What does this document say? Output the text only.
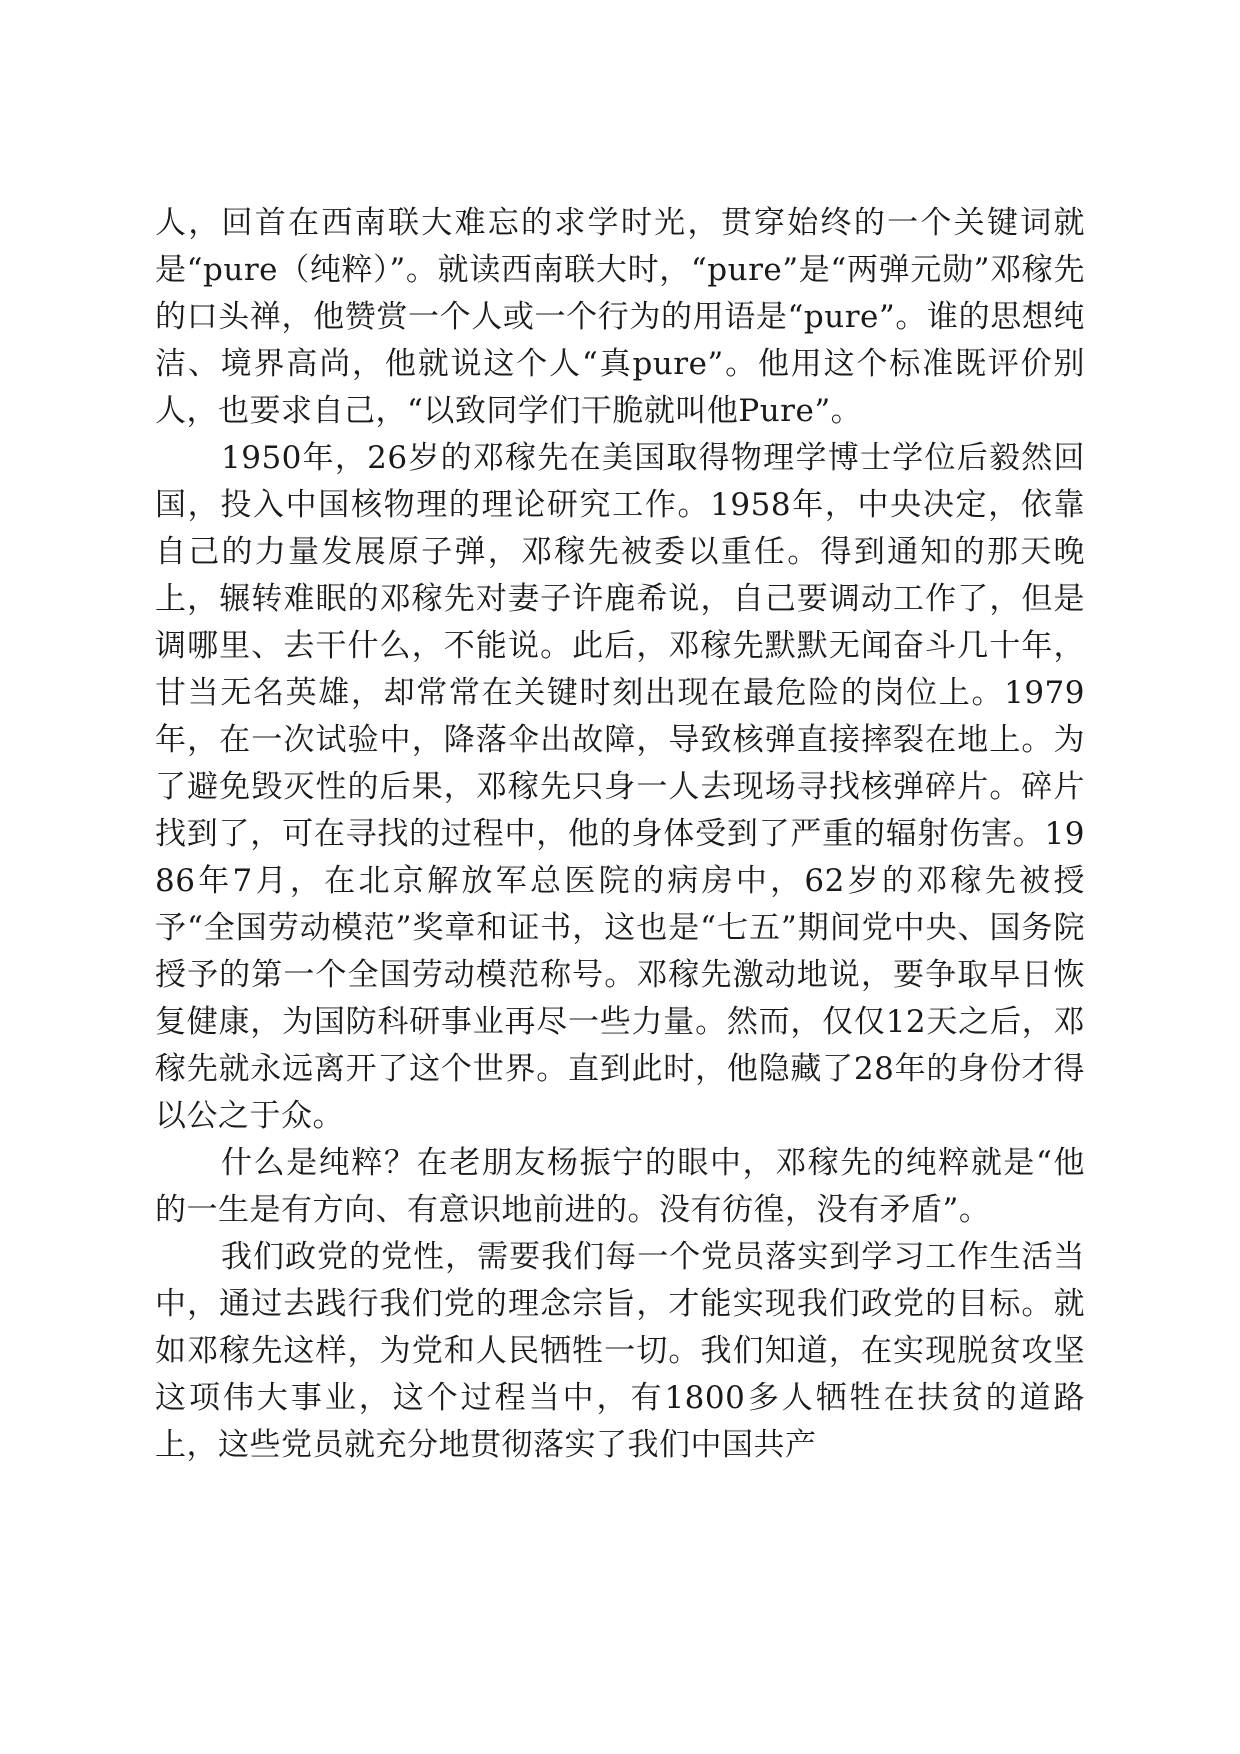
人，回首在西南联大难忘的求学时光，贯穿始终的一个关键词就是“pure（纯粹）”。就读西南联大时，“pure”是“两弹元勋”邓稼先的口头禅，他赞赏一个人或一个行为的用语是“pure”。谁的思想纯洁、境界高尚，他就说这个人“真pure”。他用这个标准既评价别人，也要求自己，“以致同学们干脆就叫他Pure”。

1950年，26岁的邓稼先在美国取得物理学博士学位后毅然回国，投入中国核物理的理论研究工作。1958年，中央决定，依靠自己的力量发展原子弹，邓稼先被委以重任。得到通知的那天晚上，辗转难眠的邓稼先对妻子许鹿希说，自己要调动工作了，但是调哪里、去干什么，不能说。此后，邓稼先默默无闻奋斗几十年，甘当无名英雄，却常常在关键时刻出现在最危险的岗位上。1979年，在一次试验中，降落伞出故障，导致核弹直接摔裂在地上。为了避免毁灭性的后果，邓稼先只身一人去现场寻找核弹碎片。碎片找到了，可在寻找的过程中，他的身体受到了严重的辐射伤害。1986年7月，在北京解放军总医院的病房中，62岁的邓稼先被授予“全国劳动模范”奖章和证书，这也是“七五”期间党中央、国务院授予的第一个全国劳动模范称号。邓稼先激动地说，要争取早日恢复健康，为国防科研事业再尽一些力量。然而，仅仅12天之后，邓稼先就永远离开了这个世界。直到此时，他隐藏了28年的身份才得以公之于众。

什么是纯粹？在老朋友杨振宁的眼中，邓稼先的纯粹就是“他的一生是有方向、有意识地前进的。没有彷徨，没有矛盾”。

我们政党的党性，需要我们每一个党员落实到学习工作生活当中，通过去践行我们党的理念宗旨，才能实现我们政党的目标。就如邓稼先这样，为党和人民牺牲一切。我们知道，在实现脱贫攻坚这项伟大事业，这个过程当中，有1800多人牺牲在扶贫的道路上，这些党员就充分地贯彻落实了我们中国共产
